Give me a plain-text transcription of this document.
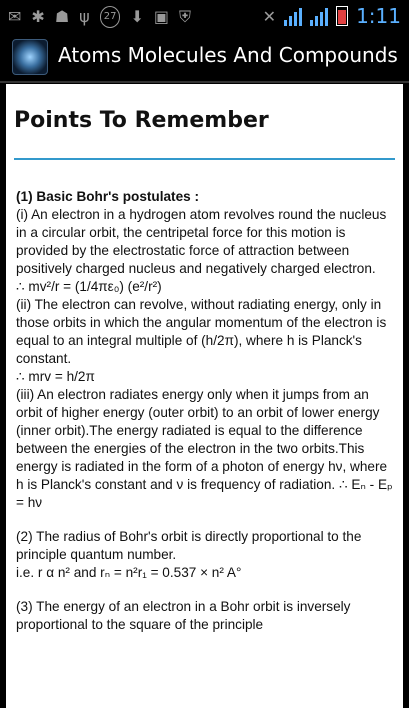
✉ ✱ ☗ ψ	27 ⬇ ▣ ⛨	✕	1:11
Atoms Molecules And Compounds
Points To Remember

(1) Basic Bohr's postulates :

(i) An electron in a hydrogen atom revolves round the nucleus in a circular orbit, the centripetal force for this motion is provided by the electrostatic force of attraction between positively charged nucleus and negatively charged electron.

∴ mv²/r = (1/4πε₀) (e²/r²)

(ii) The electron can revolve, without radiating energy, only in those orbits in which the angular momentum of the electron is equal to an integral multiple of (h/2π), where h is Planck's constant.

∴ mrv = h/2π

(iii) An electron radiates energy only when it jumps from an orbit of higher energy (outer orbit) to an orbit of lower energy (inner orbit).The energy radiated is equal to the difference between the energies of the electron in the two orbits.This energy is radiated in the form of a photon of energy hν, where h is Planck's constant and ν is frequency of radiation. ∴ Eₙ - Eₚ = hν

(2) The radius of Bohr's orbit is directly proportional to the principle quantum number.

i.e. r α n² and rₙ = n²r₁ = 0.537 × n² A°

(3) The energy of an electron in a Bohr orbit is inversely proportional to the square of the principle
